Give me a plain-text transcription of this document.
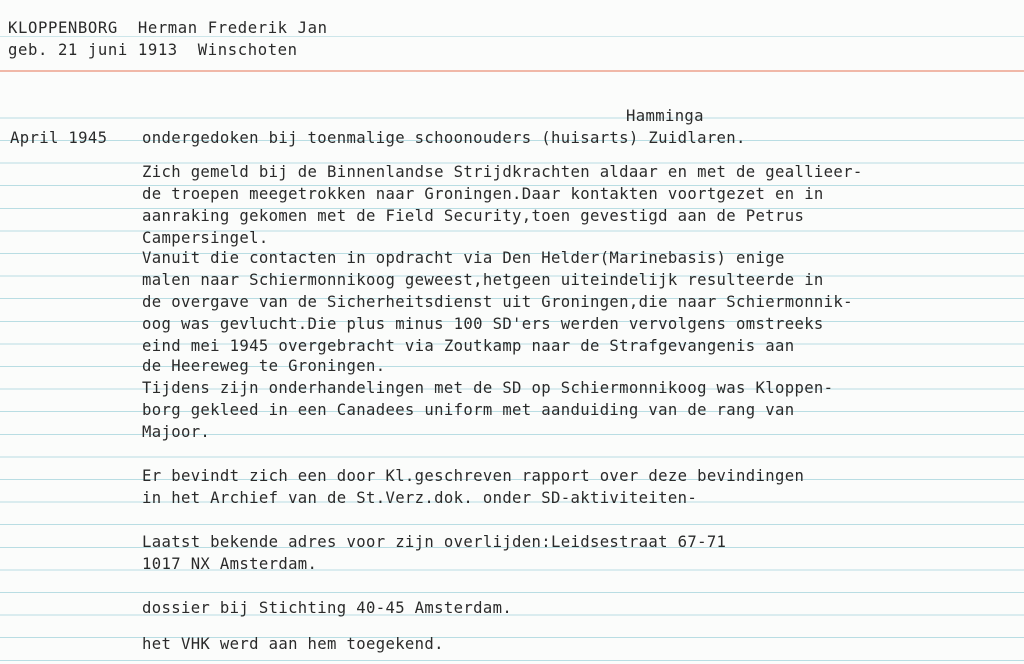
KLOPPENBORG  Herman Frederik Jan
geb. 21 juni 1913  Winschoten
Hamminga
April 1945 ondergedoken bij toenmalige schoonouders (huisarts) Zuidlaren.
Zich gemeld bij de Binnenlandse Strijdkrachten aldaar en met de geallieer-
de troepen meegetrokken naar Groningen.Daar kontakten voortgezet en in
aanraking gekomen met de Field Security,toen gevestigd aan de Petrus
Campersingel.
Vanuit die contacten in opdracht via Den Helder(Marinebasis) enige
malen naar Schiermonnikoog geweest,hetgeen uiteindelijk resulteerde in
de overgave van de Sicherheitsdienst uit Groningen,die naar Schiermonnik-
oog was gevlucht.Die plus minus 100 SD'ers werden vervolgens omstreeks
eind mei 1945 overgebracht via Zoutkamp naar de Strafgevangenis aan
de Heereweg te Groningen.
Tijdens zijn onderhandelingen met de SD op Schiermonnikoog was Kloppen-
borg gekleed in een Canadees uniform met aanduiding van de rang van
Majoor.
Er bevindt zich een door Kl.geschreven rapport over deze bevindingen
in het Archief van de St.Verz.dok. onder SD-aktiviteiten-
Laatst bekende adres voor zijn overlijden:Leidsestraat 67-71
1017 NX Amsterdam.
dossier bij Stichting 40-45 Amsterdam.
het VHK werd aan hem toegekend.
